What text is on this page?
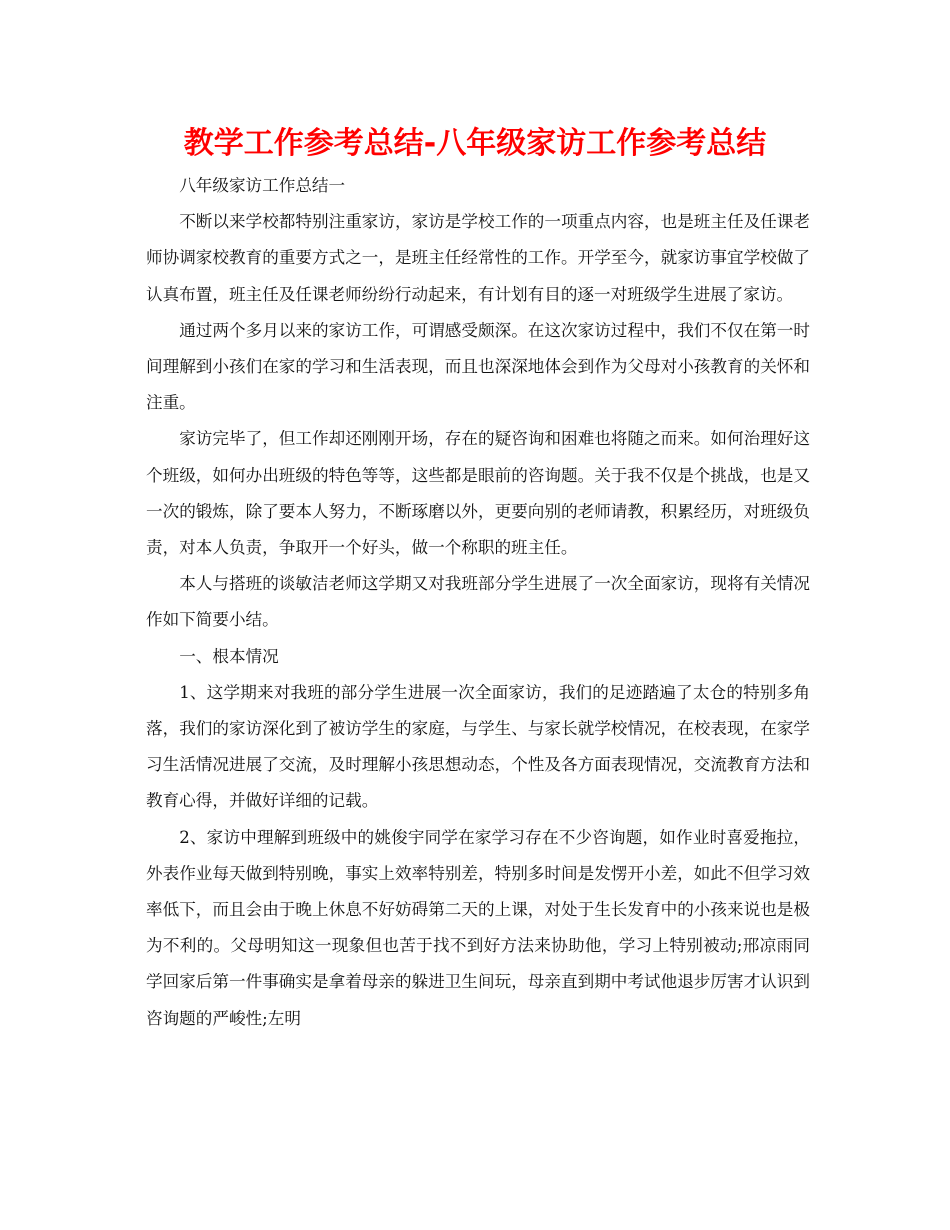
教学工作参考总结-八年级家访工作参考总结

八年级家访工作总结一

不断以来学校都特别注重家访，家访是学校工作的一项重点内容，也是班主任及任课老师协调家校教育的重要方式之一，是班主任经常性的工作。开学至今，就家访事宜学校做了认真布置，班主任及任课老师纷纷行动起来，有计划有目的逐一对班级学生进展了家访。

通过两个多月以来的家访工作，可谓感受颇深。在这次家访过程中，我们不仅在第一时间理解到小孩们在家的学习和生活表现，而且也深深地体会到作为父母对小孩教育的关怀和注重。

家访完毕了，但工作却还刚刚开场，存在的疑咨询和困难也将随之而来。如何治理好这个班级，如何办出班级的特色等等，这些都是眼前的咨询题。关于我不仅是个挑战，也是又一次的锻炼，除了要本人努力，不断琢磨以外，更要向别的老师请教，积累经历，对班级负责，对本人负责，争取开一个好头，做一个称职的班主任。

本人与搭班的谈敏洁老师这学期又对我班部分学生进展了一次全面家访，现将有关情况作如下简要小结。

一、根本情况

1、这学期来对我班的部分学生进展一次全面家访，我们的足迹踏遍了太仓的特别多角落，我们的家访深化到了被访学生的家庭，与学生、与家长就学校情况，在校表现，在家学习生活情况进展了交流，及时理解小孩思想动态，个性及各方面表现情况，交流教育方法和教育心得，并做好详细的记载。

2、家访中理解到班级中的姚俊宇同学在家学习存在不少咨询题，如作业时喜爱拖拉，外表作业每天做到特别晚，事实上效率特别差，特别多时间是发愣开小差，如此不但学习效率低下，而且会由于晚上休息不好妨碍第二天的上课，对处于生长发育中的小孩来说也是极为不利的。父母明知这一现象但也苦于找不到好方法来协助他，学习上特别被动;邢凉雨同学回家后第一件事确实是拿着母亲的躲进卫生间玩，母亲直到期中考试他退步厉害才认识到咨询题的严峻性;左明
